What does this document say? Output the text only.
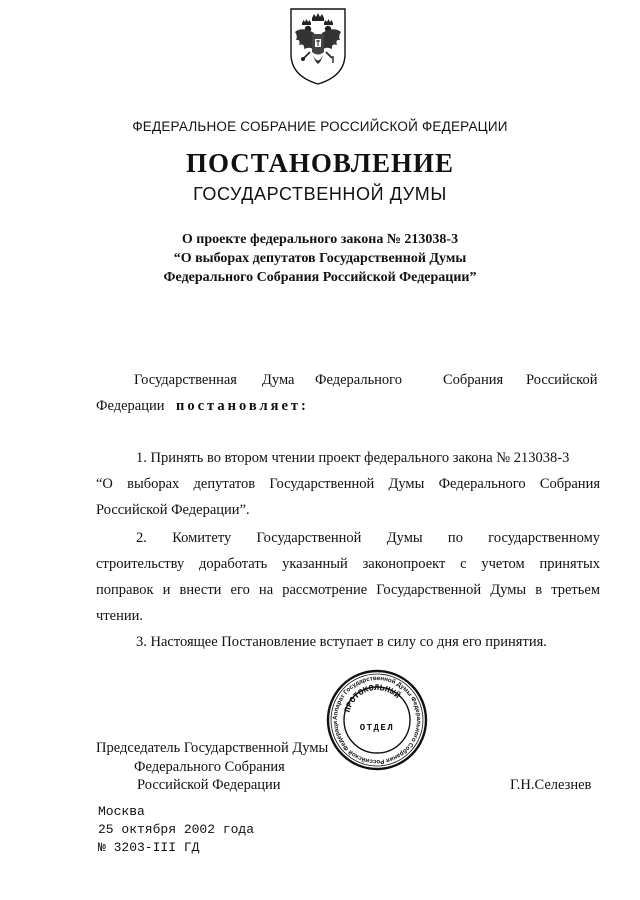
ФЕДЕРАЛЬНОЕ СОБРАНИЕ РОССИЙСКОЙ ФЕДЕРАЦИИ
ПОСТАНОВЛЕНИЕ
ГОСУДАРСТВЕННОЙ ДУМЫ
О проекте федерального закона № 213038-3
“О выборах депутатов Государственной Думы
Федерального Собрания Российской Федерации”
Государственная Дума Федерального	Собрания Российской
Федерации постановляет:
1. Принять во втором чтении проект федерального закона № 213038-3
“О выборах депутатов Государственной Думы Федерального Собрания
Российской Федерации”.
2. Комитету Государственной Думы по государственному
строительству доработать указанный законопроект с учетом принятых
поправок и внести его на рассмотрение Государственной Думы в третьем
чтении.
3. Настоящее Постановление вступает в силу со дня его принятия.
Аппарат Государственной Думы Федерального Собрания Российской Федераци
ПРОТОКОЛЬНЫЙ
ОТДЕЛ
Председатель Государственной Думы
Федерального Собрания
Российской Федерации	Г.Н.Селезнев
Москва
25 октября 2002 года
№ 3203-III ГД
